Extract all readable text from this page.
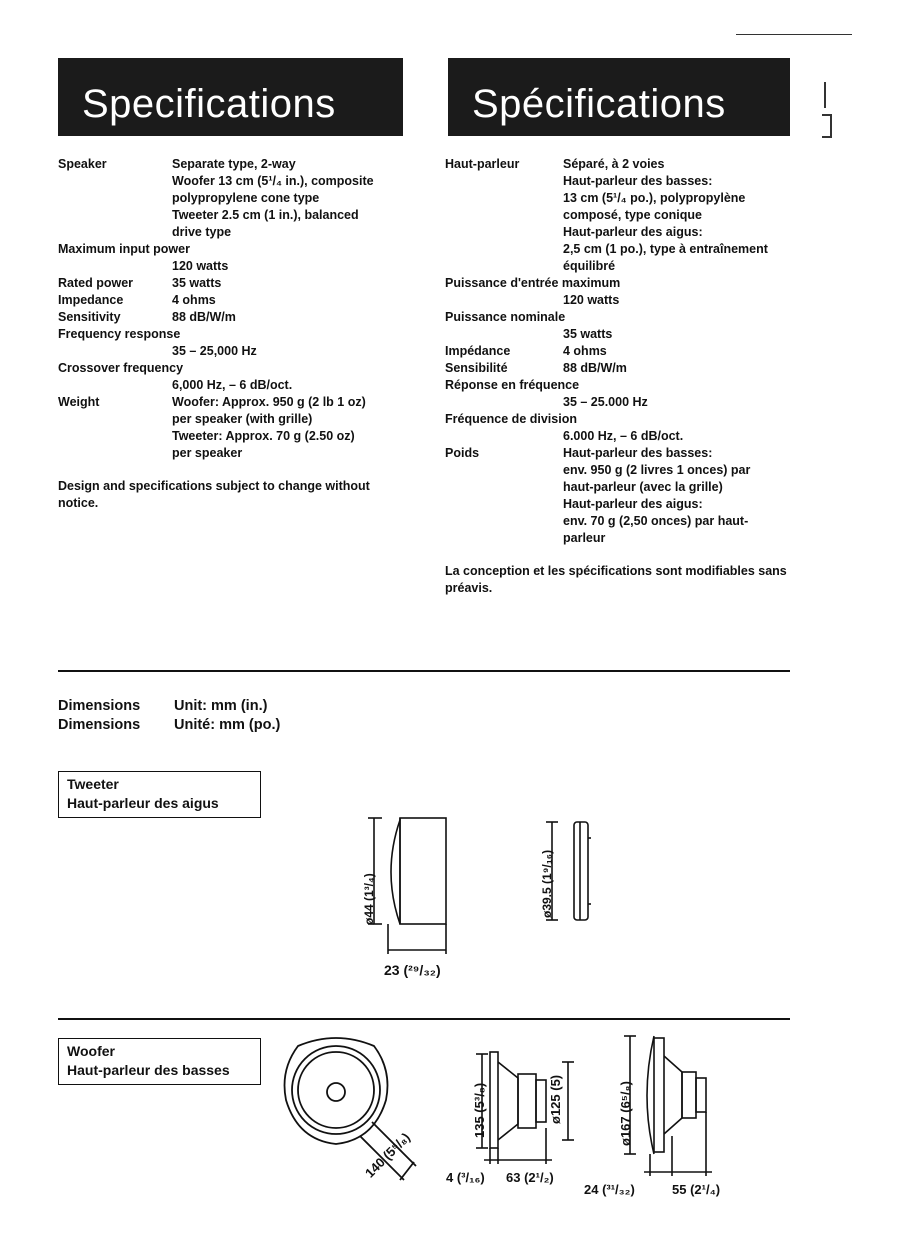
Specifications	Spécifications
Speaker	Separate type, 2-way
Woofer 13 cm (5¹/₄ in.), composite
polypropylene cone type
Tweeter 2.5 cm (1 in.), balanced
drive type
Maximum input power
120 watts
Rated power	35 watts
Impedance	4 ohms
Sensitivity	88 dB/W/m
Frequency response
35 – 25,000 Hz
Crossover frequency
6,000 Hz, – 6 dB/oct.
Weight	Woofer: Approx. 950 g (2 lb 1 oz)
per speaker (with grille)
Tweeter: Approx. 70 g (2.50 oz)
per speaker
Design and specifications subject to change without notice.
Haut-parleur	Séparé, à 2 voies
Haut-parleur des basses:
13 cm (5¹/₄ po.), polypropylène
composé, type conique
Haut-parleur des aigus:
2,5 cm (1 po.), type à entraînement
équilibré
Puissance d'entrée maximum
120 watts
Puissance nominale
35 watts
Impédance	4 ohms
Sensibilité	88 dB/W/m
Réponse en fréquence
35 – 25.000 Hz
Fréquence de division
6.000 Hz, – 6 dB/oct.
Poids	Haut-parleur des basses:
env. 950 g (2 livres 1 onces) par
haut-parleur (avec la grille)
Haut-parleur des aigus:
env. 70 g (2,50 onces) par haut-
parleur
La conception et les spécifications sont modifiables sans préavis.
Dimensions Unit: mm (in.)
Dimensions Unité: mm (po.)
Tweeter
Haut-parleur des aigus
ø44 (1³/₄)
23 (²⁹/₃₂)
ø39.5 (1⁹/₁₆)
Woofer
Haut-parleur des basses
140 (5⁵/₈)
135 (5³/₈)	ø125 (5)
4 (³/₁₆) 63 (2¹/₂)
ø167 (6⁵/₈)
24 (³¹/₃₂)	55 (2¹/₄)
